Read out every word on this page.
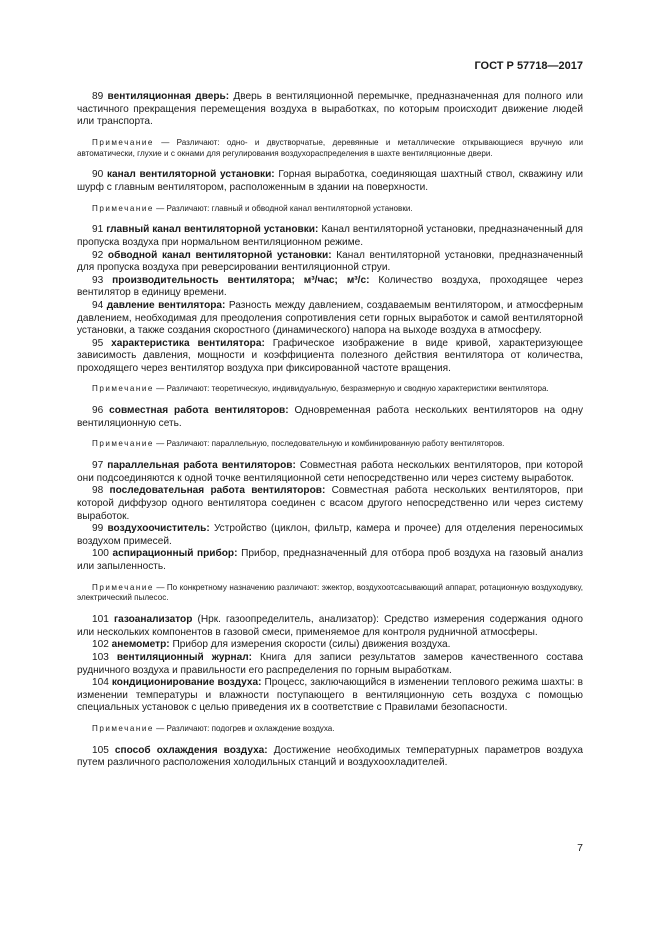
ГОСТ Р 57718—2017
89 вентиляционная дверь: Дверь в вентиляционной перемычке, предназначенная для полного или частичного прекращения перемещения воздуха в выработках, по которым происходит движение людей или транспорта.
Примечание — Различают: одно- и двустворчатые, деревянные и металлические открывающиеся вручную или автоматически, глухие и с окнами для регулирования воздухораспределения в шахте вентиляционные двери.
90 канал вентиляторной установки: Горная выработка, соединяющая шахтный ствол, скважину или шурф с главным вентилятором, расположенным в здании на поверхности.
Примечание — Различают: главный и обводной канал вентиляторной установки.
91 главный канал вентиляторной установки: Канал вентиляторной установки, предназначенный для пропуска воздуха при нормальном вентиляционном режиме.
92 обводной канал вентиляторной установки: Канал вентиляторной установки, предназначенный для пропуска воздуха при реверсировании вентиляционной струи.
93 производительность вентилятора; м³/час; м³/с: Количество воздуха, проходящее через вентилятор в единицу времени.
94 давление вентилятора: Разность между давлением, создаваемым вентилятором, и атмосферным давлением, необходимая для преодоления сопротивления сети горных выработок и самой вентиляторной установки, а также создания скоростного (динамического) напора на выходе воздуха в атмосферу.
95 характеристика вентилятора: Графическое изображение в виде кривой, характеризующее зависимость давления, мощности и коэффициента полезного действия вентилятора от количества, проходящего через вентилятор воздуха при фиксированной частоте вращения.
Примечание — Различают: теоретическую, индивидуальную, безразмерную и сводную характеристики вентилятора.
96 совместная работа вентиляторов: Одновременная работа нескольких вентиляторов на одну вентиляционную сеть.
Примечание — Различают: параллельную, последовательную и комбинированную работу вентиляторов.
97 параллельная работа вентиляторов: Совместная работа нескольких вентиляторов, при которой они подсоединяются к одной точке вентиляционной сети непосредственно или через систему выработок.
98 последовательная работа вентиляторов: Совместная работа нескольких вентиляторов, при которой диффузор одного вентилятора соединен с всасом другого непосредственно или через систему выработок.
99 воздухоочиститель: Устройство (циклон, фильтр, камера и прочее) для отделения переносимых воздухом примесей.
100 аспирационный прибор: Прибор, предназначенный для отбора проб воздуха на газовый анализ или запыленность.
Примечание — По конкретному назначению различают: эжектор, воздухоотсасывающий аппарат, ротационную воздуходувку, электрический пылесос.
101 газоанализатор (Нрк. газоопределитель, анализатор): Средство измерения содержания одного или нескольких компонентов в газовой смеси, применяемое для контроля рудничной атмосферы.
102 анемометр: Прибор для измерения скорости (силы) движения воздуха.
103 вентиляционный журнал: Книга для записи результатов замеров качественного состава рудничного воздуха и правильности его распределения по горным выработкам.
104 кондиционирование воздуха: Процесс, заключающийся в изменении теплового режима шахты: в изменении температуры и влажности поступающего в вентиляционную сеть воздуха с помощью специальных установок с целью приведения их в соответствие с Правилами безопасности.
Примечание — Различают: подогрев и охлаждение воздуха.
105 способ охлаждения воздуха: Достижение необходимых температурных параметров воздуха путем различного расположения холодильных станций и воздухоохладителей.
7
